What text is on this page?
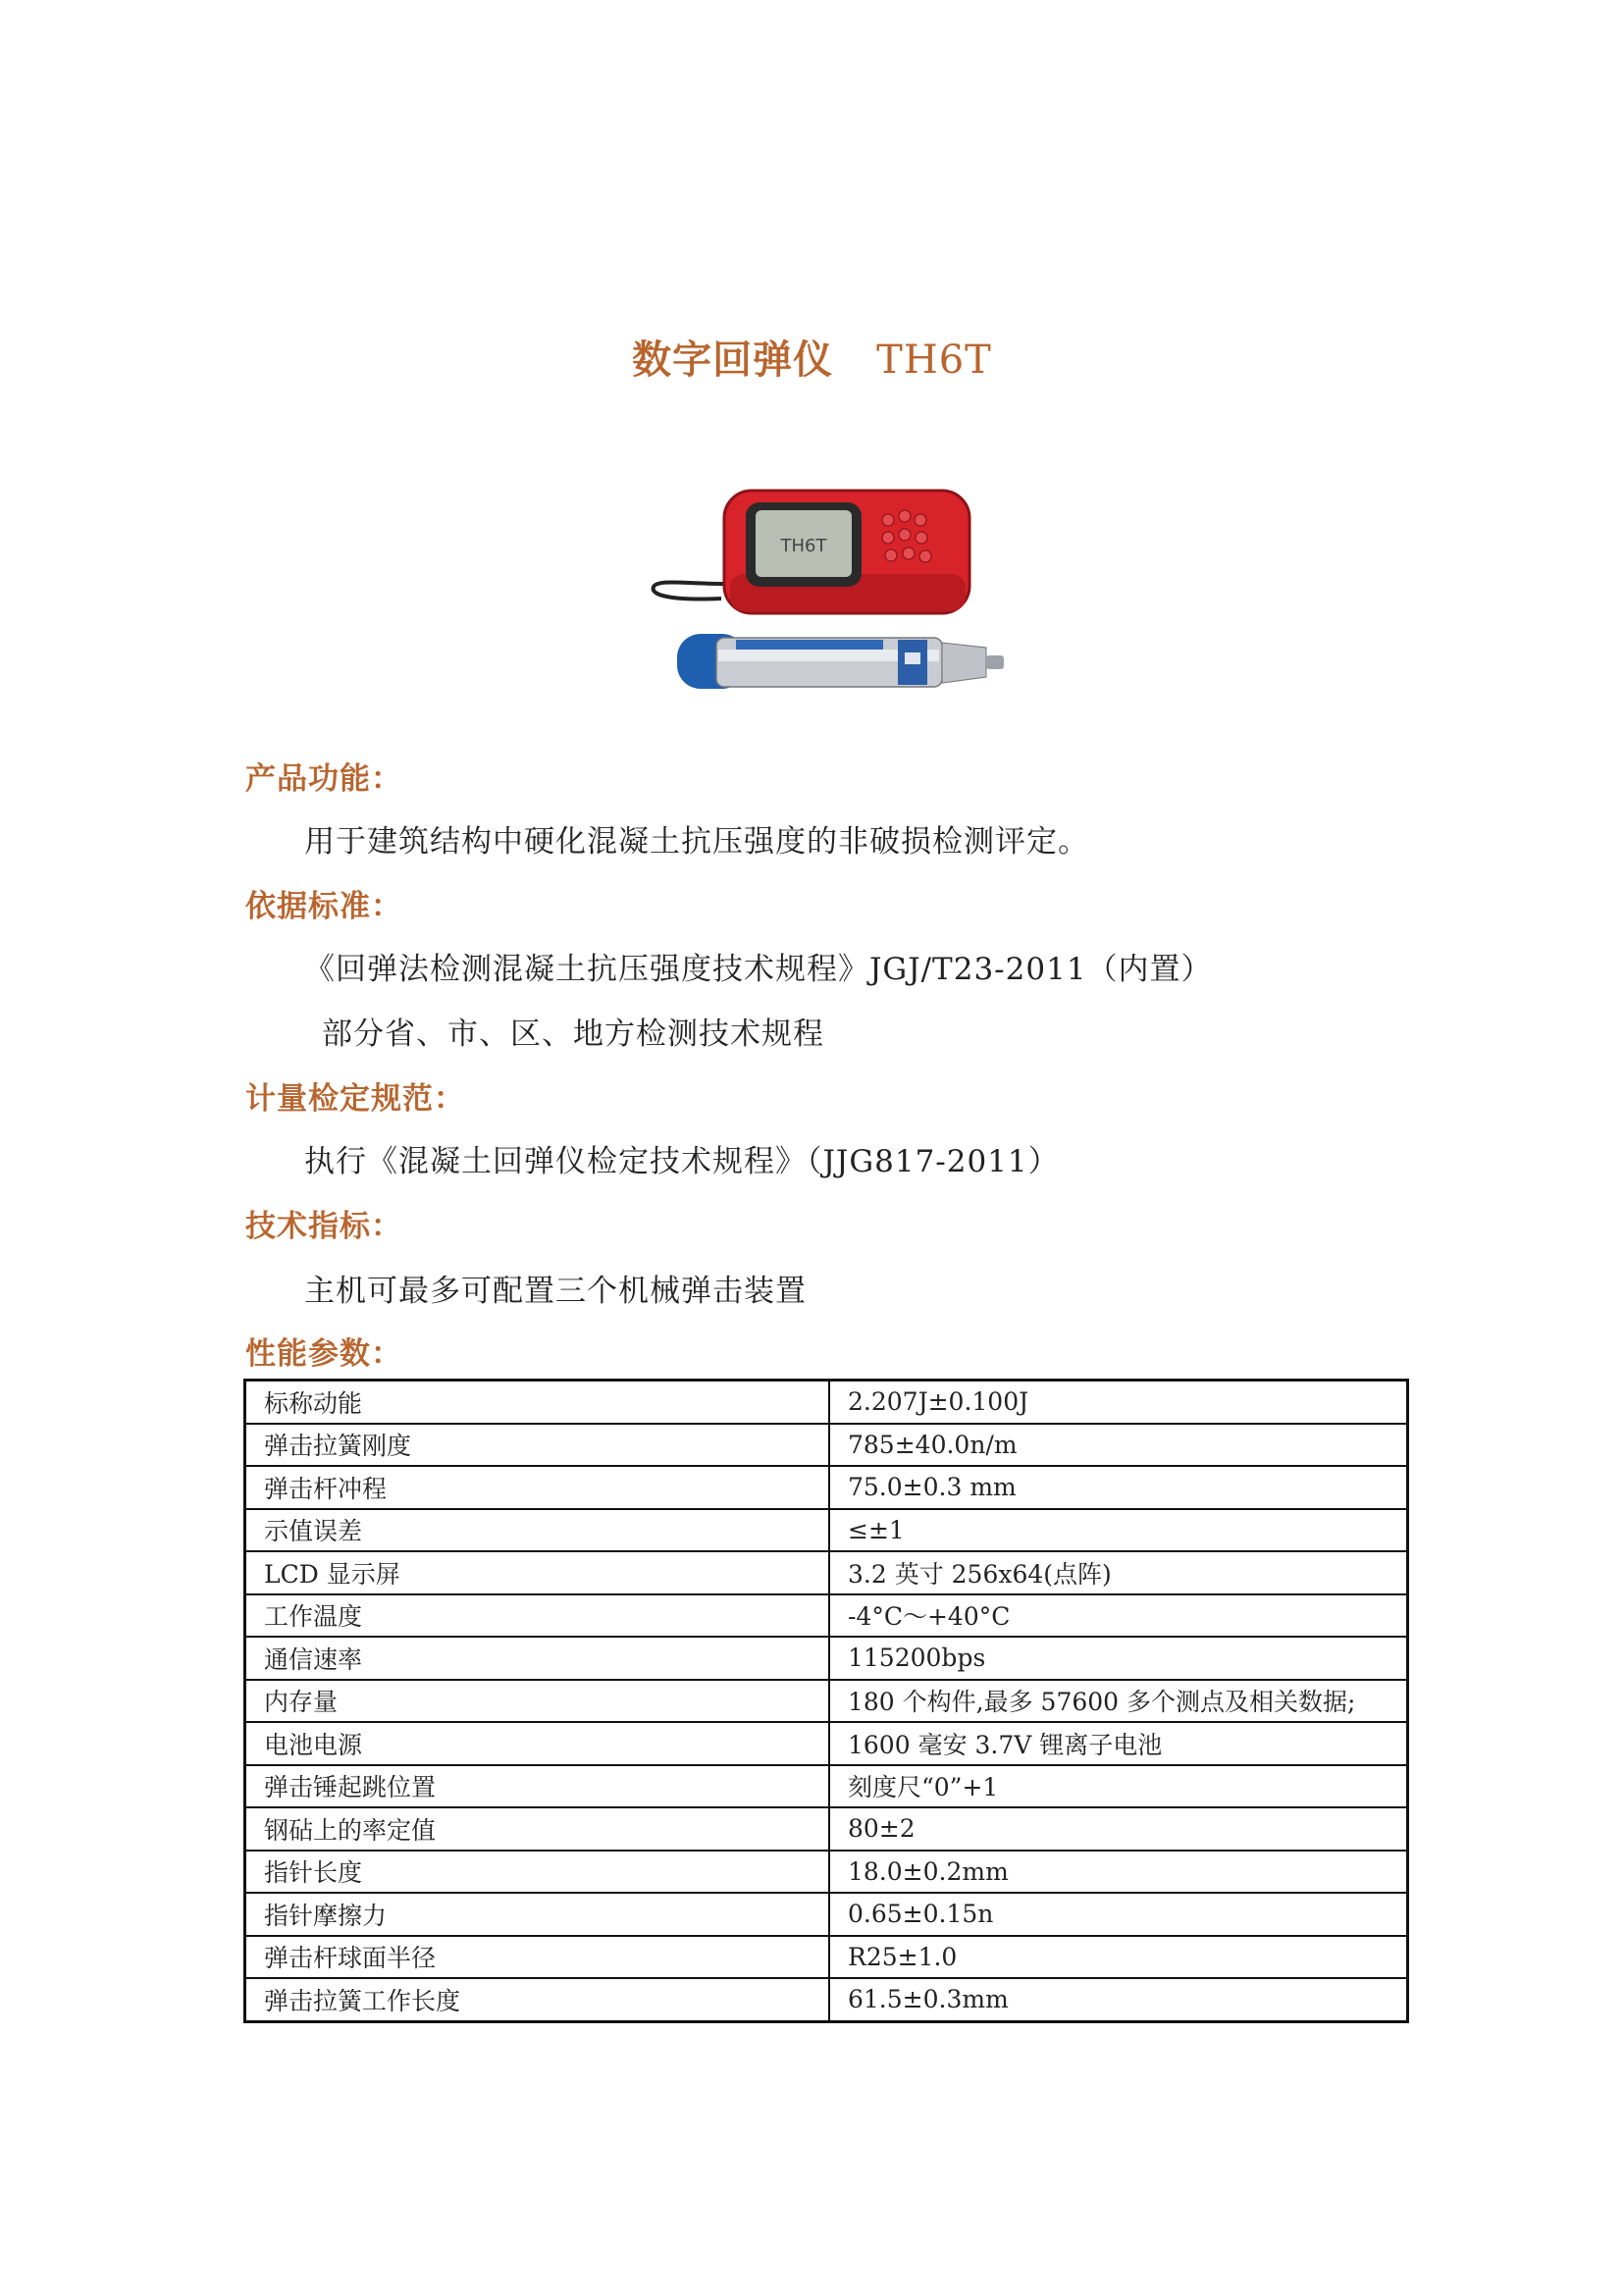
数字回弹仪 TH6T
TH6T
产品功能：
用于建筑结构中硬化混凝土抗压强度的非破损检测评定。
依据标准：
《回弹法检测混凝土抗压强度技术规程》JGJ/T23-2011（内置）
部分省、市、区、地方检测技术规程
计量检定规范：
执行《混凝土回弹仪检定技术规程》（JJG817-2011）
技术指标：
主机可最多可配置三个机械弹击装置
性能参数：
标称动能	2.207J±0.100J
弹击拉簧刚度	785±40.0n/m
弹击杆冲程	75.0±0.3 mm
示值误差	≤±1
LCD 显示屏	3.2 英寸 256x64(点阵)
工作温度	-4°C～+40°C
通信速率	115200bps
内存量	180 个构件,最多 57600 多个测点及相关数据;
电池电源	1600 毫安 3.7V 锂离子电池
弹击锤起跳位置	刻度尺“0”+1
钢砧上的率定值	80±2
指针长度	18.0±0.2mm
指针摩擦力	0.65±0.15n
弹击杆球面半径	R25±1.0
弹击拉簧工作长度	61.5±0.3mm
